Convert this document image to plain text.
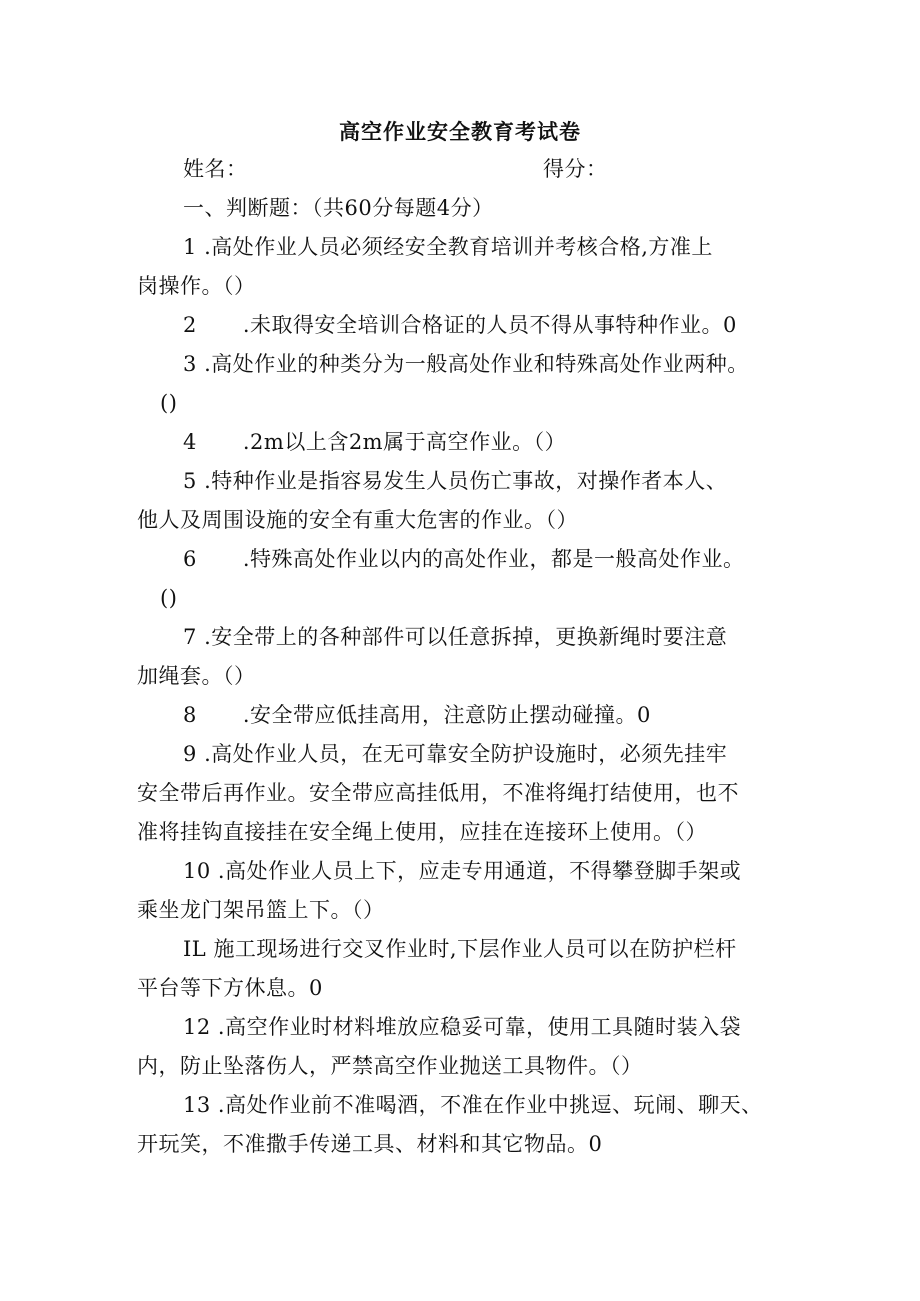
高空作业安全教育考试卷
姓名：	得分：
一、判断题：（共60分每题4分）
1 .高处作业人员必须经安全教育培训并考核合格,方准上
岗操作。（）
2 .未取得安全培训合格证的人员不得从事特种作业。0
3 .高处作业的种类分为一般高处作业和特殊高处作业两种。
()
4 .2m以上含2m属于高空作业。（）
5 .特种作业是指容易发生人员伤亡事故，对操作者本人、
他人及周围设施的安全有重大危害的作业。（）
6 .特殊高处作业以内的高处作业，都是一般高处作业。
()
7 .安全带上的各种部件可以任意拆掉，更换新绳时要注意
加绳套。（）
8 .安全带应低挂高用，注意防止摆动碰撞。0
9 .高处作业人员，在无可靠安全防护设施时，必须先挂牢
安全带后再作业。安全带应高挂低用，不准将绳打结使用，也不
准将挂钩直接挂在安全绳上使用，应挂在连接环上使用。（）
10 .高处作业人员上下，应走专用通道，不得攀登脚手架或
乘坐龙门架吊篮上下。（）
IL 施工现场进行交叉作业时,下层作业人员可以在防护栏杆
平台等下方休息。0
12 .高空作业时材料堆放应稳妥可靠，使用工具随时装入袋
内，防止坠落伤人，严禁高空作业抛送工具物件。（）
13 .高处作业前不准喝酒，不准在作业中挑逗、玩闹、聊天、
开玩笑，不准撒手传递工具、材料和其它物品。0
